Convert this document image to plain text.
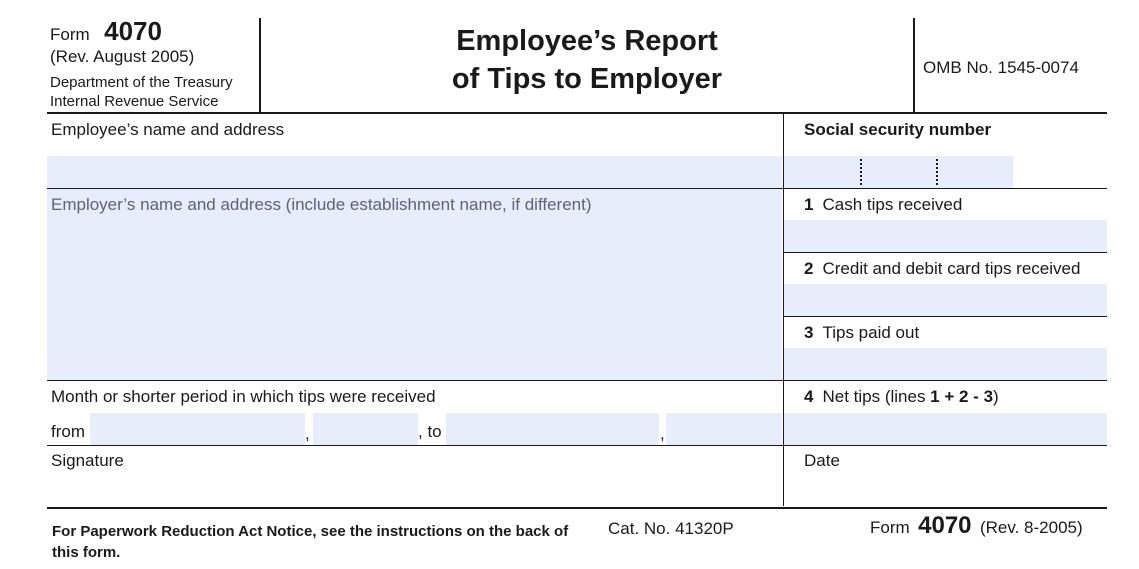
Form 4070
(Rev. August 2005)
Department of the Treasury
Internal Revenue Service
Employee’s Report
of Tips to Employer	OMB No. 1545-0074
Employee’s name and address	Social security number
Employer’s name and address (include establishment name, if different)	1 Cash tips received
2 Credit and debit card tips received
3 Tips paid out
Month or shorter period in which tips were received
from	,	, to	,
4 Net tips (lines 1 + 2 - 3)
Signature	Date
For Paperwork Reduction Act Notice, see the instructions on the back of this form.
Cat. No. 41320P	Form 4070 (Rev. 8-2005)
